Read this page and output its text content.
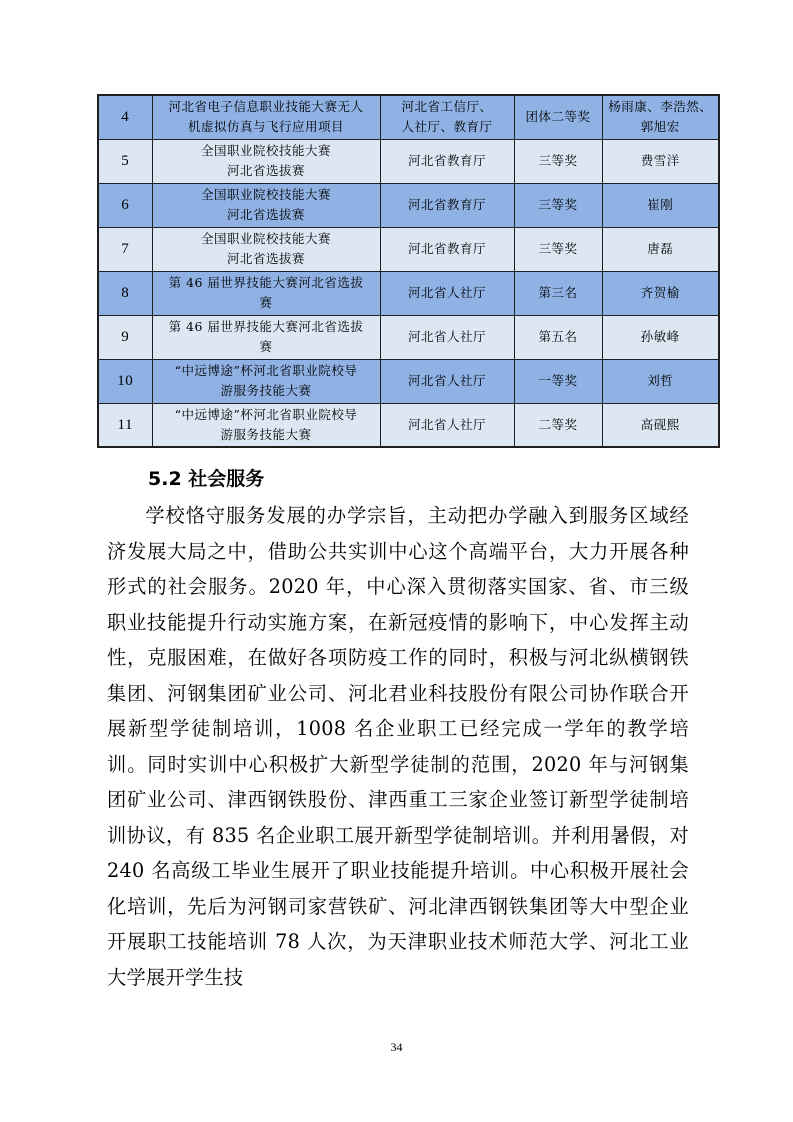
4	河北省电子信息职业技能大赛无人
机虚拟仿真与飞行应用项目	河北省工信厅、
人社厅、教育厅	团体二等奖	杨雨康、李浩然、
郭旭宏
5	全国职业院校技能大赛
河北省选拔赛	河北省教育厅	三等奖	费雪洋
6	全国职业院校技能大赛
河北省选拔赛	河北省教育厅	三等奖	崔刚
7	全国职业院校技能大赛
河北省选拔赛	河北省教育厅	三等奖	唐磊
8	第 46 届世界技能大赛河北省选拔
赛	河北省人社厅	第三名	齐贺榆
9	第 46 届世界技能大赛河北省选拔
赛	河北省人社厅	第五名	孙敏峰
10	“中远博途”杯河北省职业院校导
游服务技能大赛	河北省人社厅	一等奖	刘哲
11	“中远博途”杯河北省职业院校导
游服务技能大赛	河北省人社厅	二等奖	高砚熙
5.2 社会服务

学校恪守服务发展的办学宗旨，主动把办学融入到服务区域经济发展大局之中，借助公共实训中心这个高端平台，大力开展各种形式的社会服务。2020 年，中心深入贯彻落实国家、省、市三级职业技能提升行动实施方案，在新冠疫情的影响下，中心发挥主动性，克服困难，在做好各项防疫工作的同时，积极与河北纵横钢铁集团、河钢集团矿业公司、河北君业科技股份有限公司协作联合开展新型学徒制培训，1008 名企业职工已经完成一学年的教学培训。同时实训中心积极扩大新型学徒制的范围，2020 年与河钢集团矿业公司、津西钢铁股份、津西重工三家企业签订新型学徒制培训协议，有 835 名企业职工展开新型学徒制培训。并利用暑假，对 240 名高级工毕业生展开了职业技能提升培训。中心积极开展社会化培训，先后为河钢司家营铁矿、河北津西钢铁集团等大中型企业开展职工技能培训 78 人次，为天津职业技术师范大学、河北工业大学展开学生技

34
